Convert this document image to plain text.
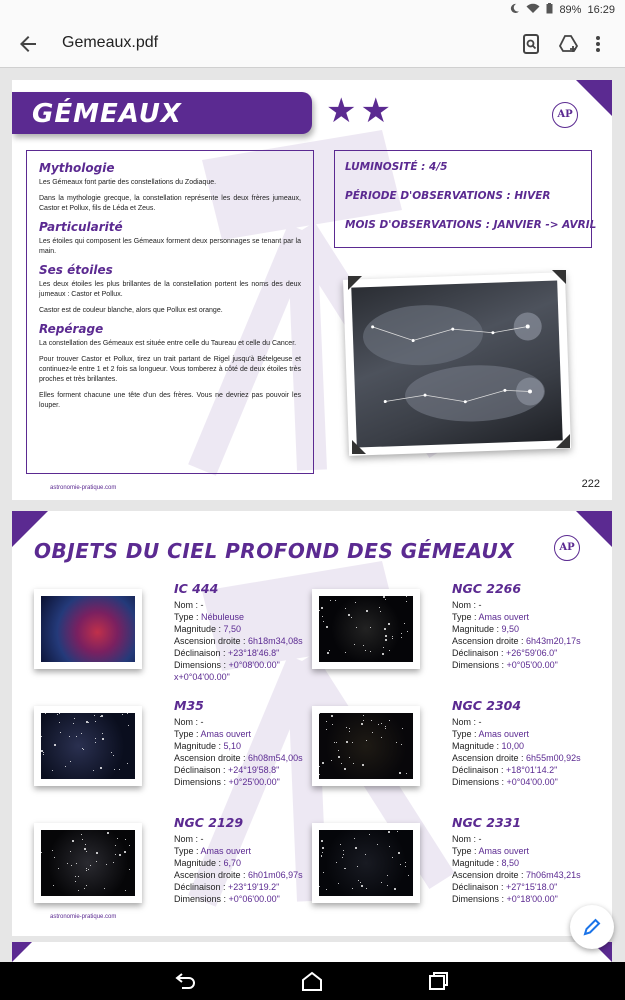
89% 16:29
Gemeaux.pdf
GÉMEAUX	★★	AP
Mythologie
Les Gémeaux font partie des constellations du Zodiaque.
Dans la mythologie grecque, la constellation représente les deux frères jumeaux, Castor et Pollux, fils de Léda et Zeus.
Particularité
Les étoiles qui composent les Gémeaux forment deux personnages se tenant par la main.
Ses étoiles
Les deux étoiles les plus brillantes de la constellation portent les noms des deux jumeaux : Castor et Pollux.
Castor est de couleur blanche, alors que Pollux est orange.
Repérage
La constellation des Gémeaux est située entre celle du Taureau et celle du Cancer.
Pour trouver Castor et Pollux, tirez un trait partant de Rigel jusqu'à Bételgeuse et continuez-le entre 1 et 2 fois sa longueur. Vous tomberez à côté de deux étoiles très proches et très brillantes.
Elles forment chacune une tête d'un des frères. Vous ne devriez pas pouvoir les louper.
LUMINOSITÉ : 4/5
PÉRIODE D'OBSERVATIONS : HIVER
MOIS D'OBSERVATIONS : JANVIER -> AVRIL
astronomie-pratique.com	222
OBJETS DU CIEL PROFOND DES GÉMEAUX	AP
IC 444
Nom : -
Type : Nébuleuse
Magnitude : 7,50
Ascension droite : 6h18m34,08s
Déclinaison : +23°18'46.8"
Dimensions : +0°08'00.00"
x+0°04'00.00"
NGC 2266
Nom : -
Type : Amas ouvert
Magnitude : 9,50
Ascension droite : 6h43m20,17s
Déclinaison : +26°59'06.0"
Dimensions : +0°05'00.00"
M35
Nom : -
Type : Amas ouvert
Magnitude : 5,10
Ascension droite : 6h08m54,00s
Déclinaison : +24°19'58.8"
Dimensions : +0°25'00.00"
NGC 2304
Nom : -
Type : Amas ouvert
Magnitude : 10,00
Ascension droite : 6h55m00,92s
Déclinaison : +18°01'14.2"
Dimensions : +0°04'00.00"
NGC 2129
Nom : -
Type : Amas ouvert
Magnitude : 6,70
Ascension droite : 6h01m06,97s
Déclinaison : +23°19'19.2"
Dimensions : +0°06'00.00"
NGC 2331
Nom : -
Type : Amas ouvert
Magnitude : 8,50
Ascension droite : 7h06m43,21s
Déclinaison : +27°15'18.0"
Dimensions : +0°18'00.00"
astronomie-pratique.com
